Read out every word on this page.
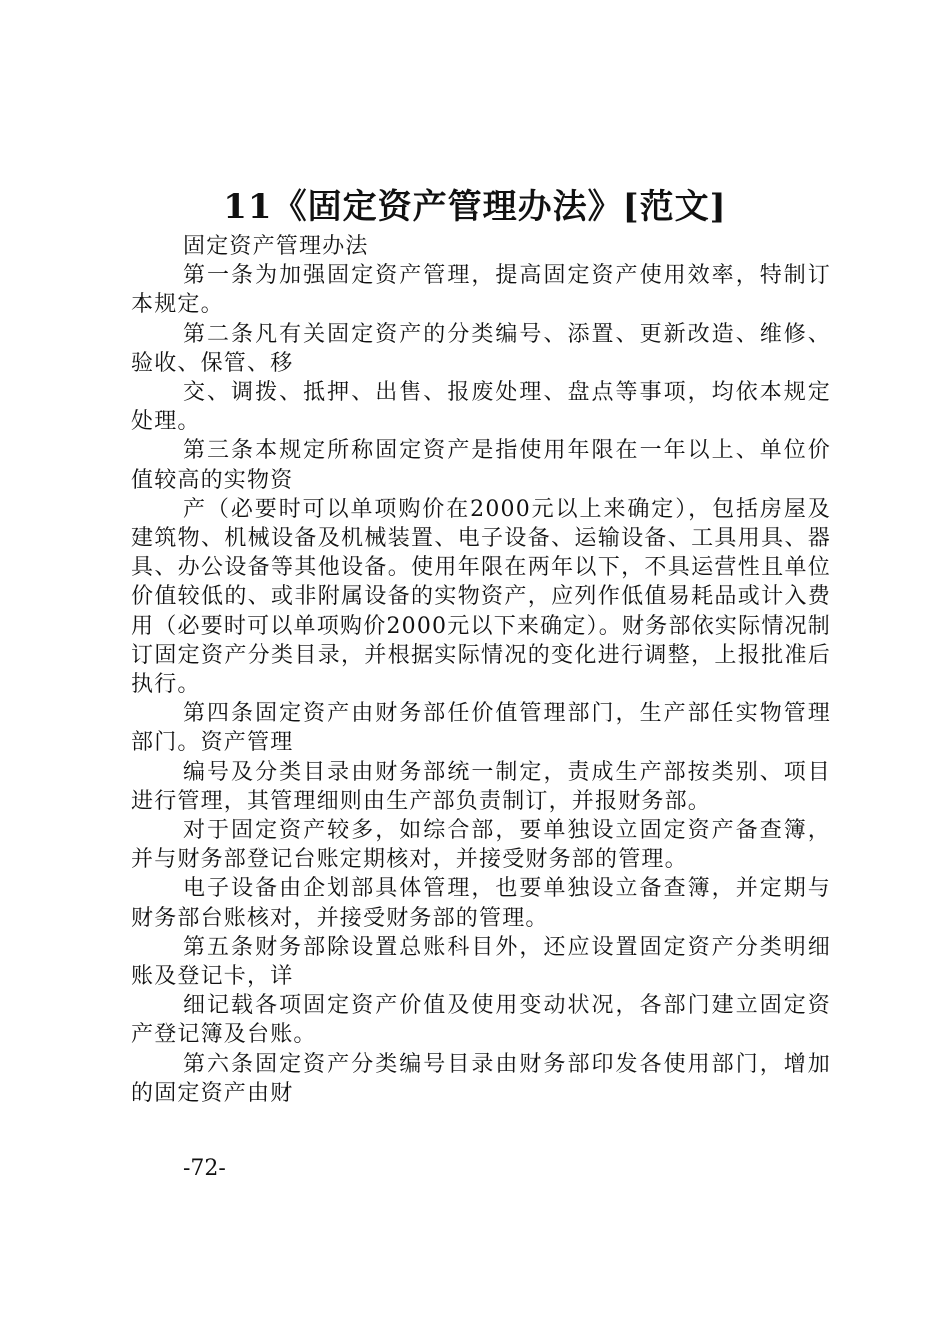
11《固定资产管理办法》[范文]

固定资产管理办法

第一条为加强固定资产管理，提高固定资产使用效率，特制订本规定。

第二条凡有关固定资产的分类编号、添置、更新改造、维修、验收、保管、移

交、调拨、抵押、出售、报废处理、盘点等事项，均依本规定处理。

第三条本规定所称固定资产是指使用年限在一年以上、单位价值较高的实物资

产（必要时可以单项购价在2000元以上来确定），包括房屋及建筑物、机械设备及机械装置、电子设备、运输设备、工具用具、器具、办公设备等其他设备。使用年限在两年以下，不具运营性且单位价值较低的、或非附属设备的实物资产，应列作低值易耗品或计入费用（必要时可以单项购价2000元以下来确定）。财务部依实际情况制订固定资产分类目录，并根据实际情况的变化进行调整，上报批准后执行。

第四条固定资产由财务部任价值管理部门，生产部任实物管理部门。资产管理

编号及分类目录由财务部统一制定，责成生产部按类别、项目进行管理，其管理细则由生产部负责制订，并报财务部。

对于固定资产较多，如综合部，要单独设立固定资产备查簿，并与财务部登记台账定期核对，并接受财务部的管理。

电子设备由企划部具体管理，也要单独设立备查簿，并定期与财务部台账核对，并接受财务部的管理。

第五条财务部除设置总账科目外，还应设置固定资产分类明细账及登记卡，详

细记载各项固定资产价值及使用变动状况，各部门建立固定资产登记簿及台账。

第六条固定资产分类编号目录由财务部印发各使用部门，增加的固定资产由财

-72-
